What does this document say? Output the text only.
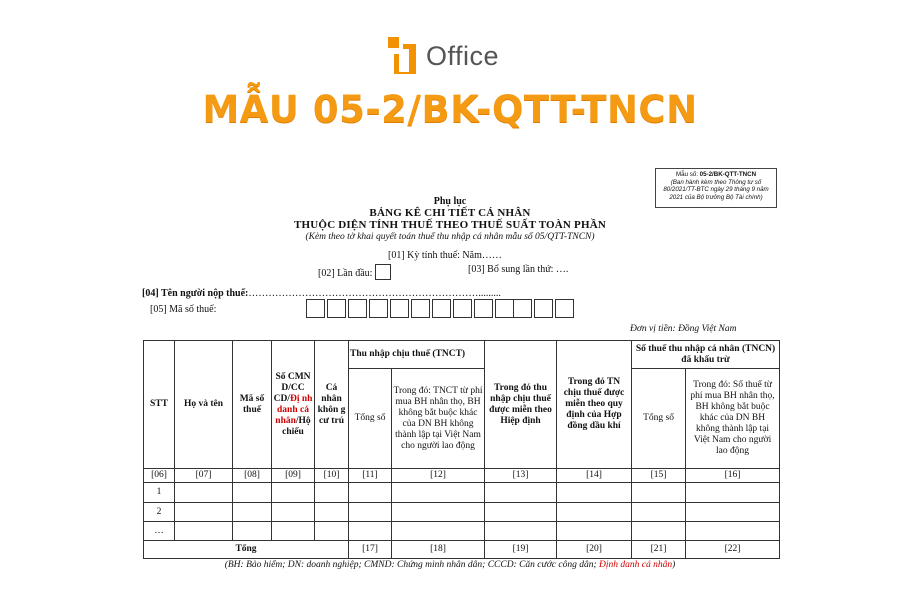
Office
MẪU 05-2/BK-QTT-TNCN
Mẫu số: 05-2/BK-QTT-TNCN
(Ban hành kèm theo Thông tư số 80/2021/TT-BTC ngày 29 tháng 9 năm 2021 của Bộ trưởng Bộ Tài chính)
Phụ lục
BẢNG KÊ CHI TIẾT CÁ NHÂN
THUỘC DIỆN TÍNH THUẾ THEO THUẾ SUẤT TOÀN PHẦN
(Kèm theo tờ khai quyết toán thuế thu nhập cá nhân mẫu số 05/QTT-TNCN)
[01] Kỳ tính thuế: Năm……
[02] Lần đầu:	[03] Bổ sung lần thứ: ….
[04] Tên người nộp thuế:…………………………………………………………….........
[05] Mã số thuế:
Đơn vị tiền: Đồng Việt Nam
STT	Họ và tên	Mã số thuế	Số CMN D/CC CD/Đị nh danh cá nhân/Hộ chiếu	Cá nhân khôn g cư trú	Thu nhập chịu thuế (TNCT)		Trong đó thu nhập chịu thuế được miễn theo Hiệp định	Trong đó TN chịu thuế được miễn theo quy định của Hợp đồng dầu khí	Số thuế thu nhập cá nhân (TNCN) đã khấu trừ	
					Tổng số	Trong đó: TNCT từ phí mua BH nhân thọ, BH không bắt buộc khác của DN BH không thành lập tại Việt Nam cho người lao động			Tổng số	Trong đó: Số thuế từ phí mua BH nhân thọ, BH không bắt buộc khác của DN BH không thành lập tại Việt Nam cho người lao động
[06]	[07]	[08]	[09]	[10]	[11]	[12]	[13]	[14]	[15]	[16]
1										
2										
…										
Tổng					[17]	[18]	[19]	[20]	[21]	[22]
(BH: Bảo hiểm; DN: doanh nghiệp; CMND: Chứng minh nhân dân; CCCD: Căn cước công dân; Định danh cá nhân)
